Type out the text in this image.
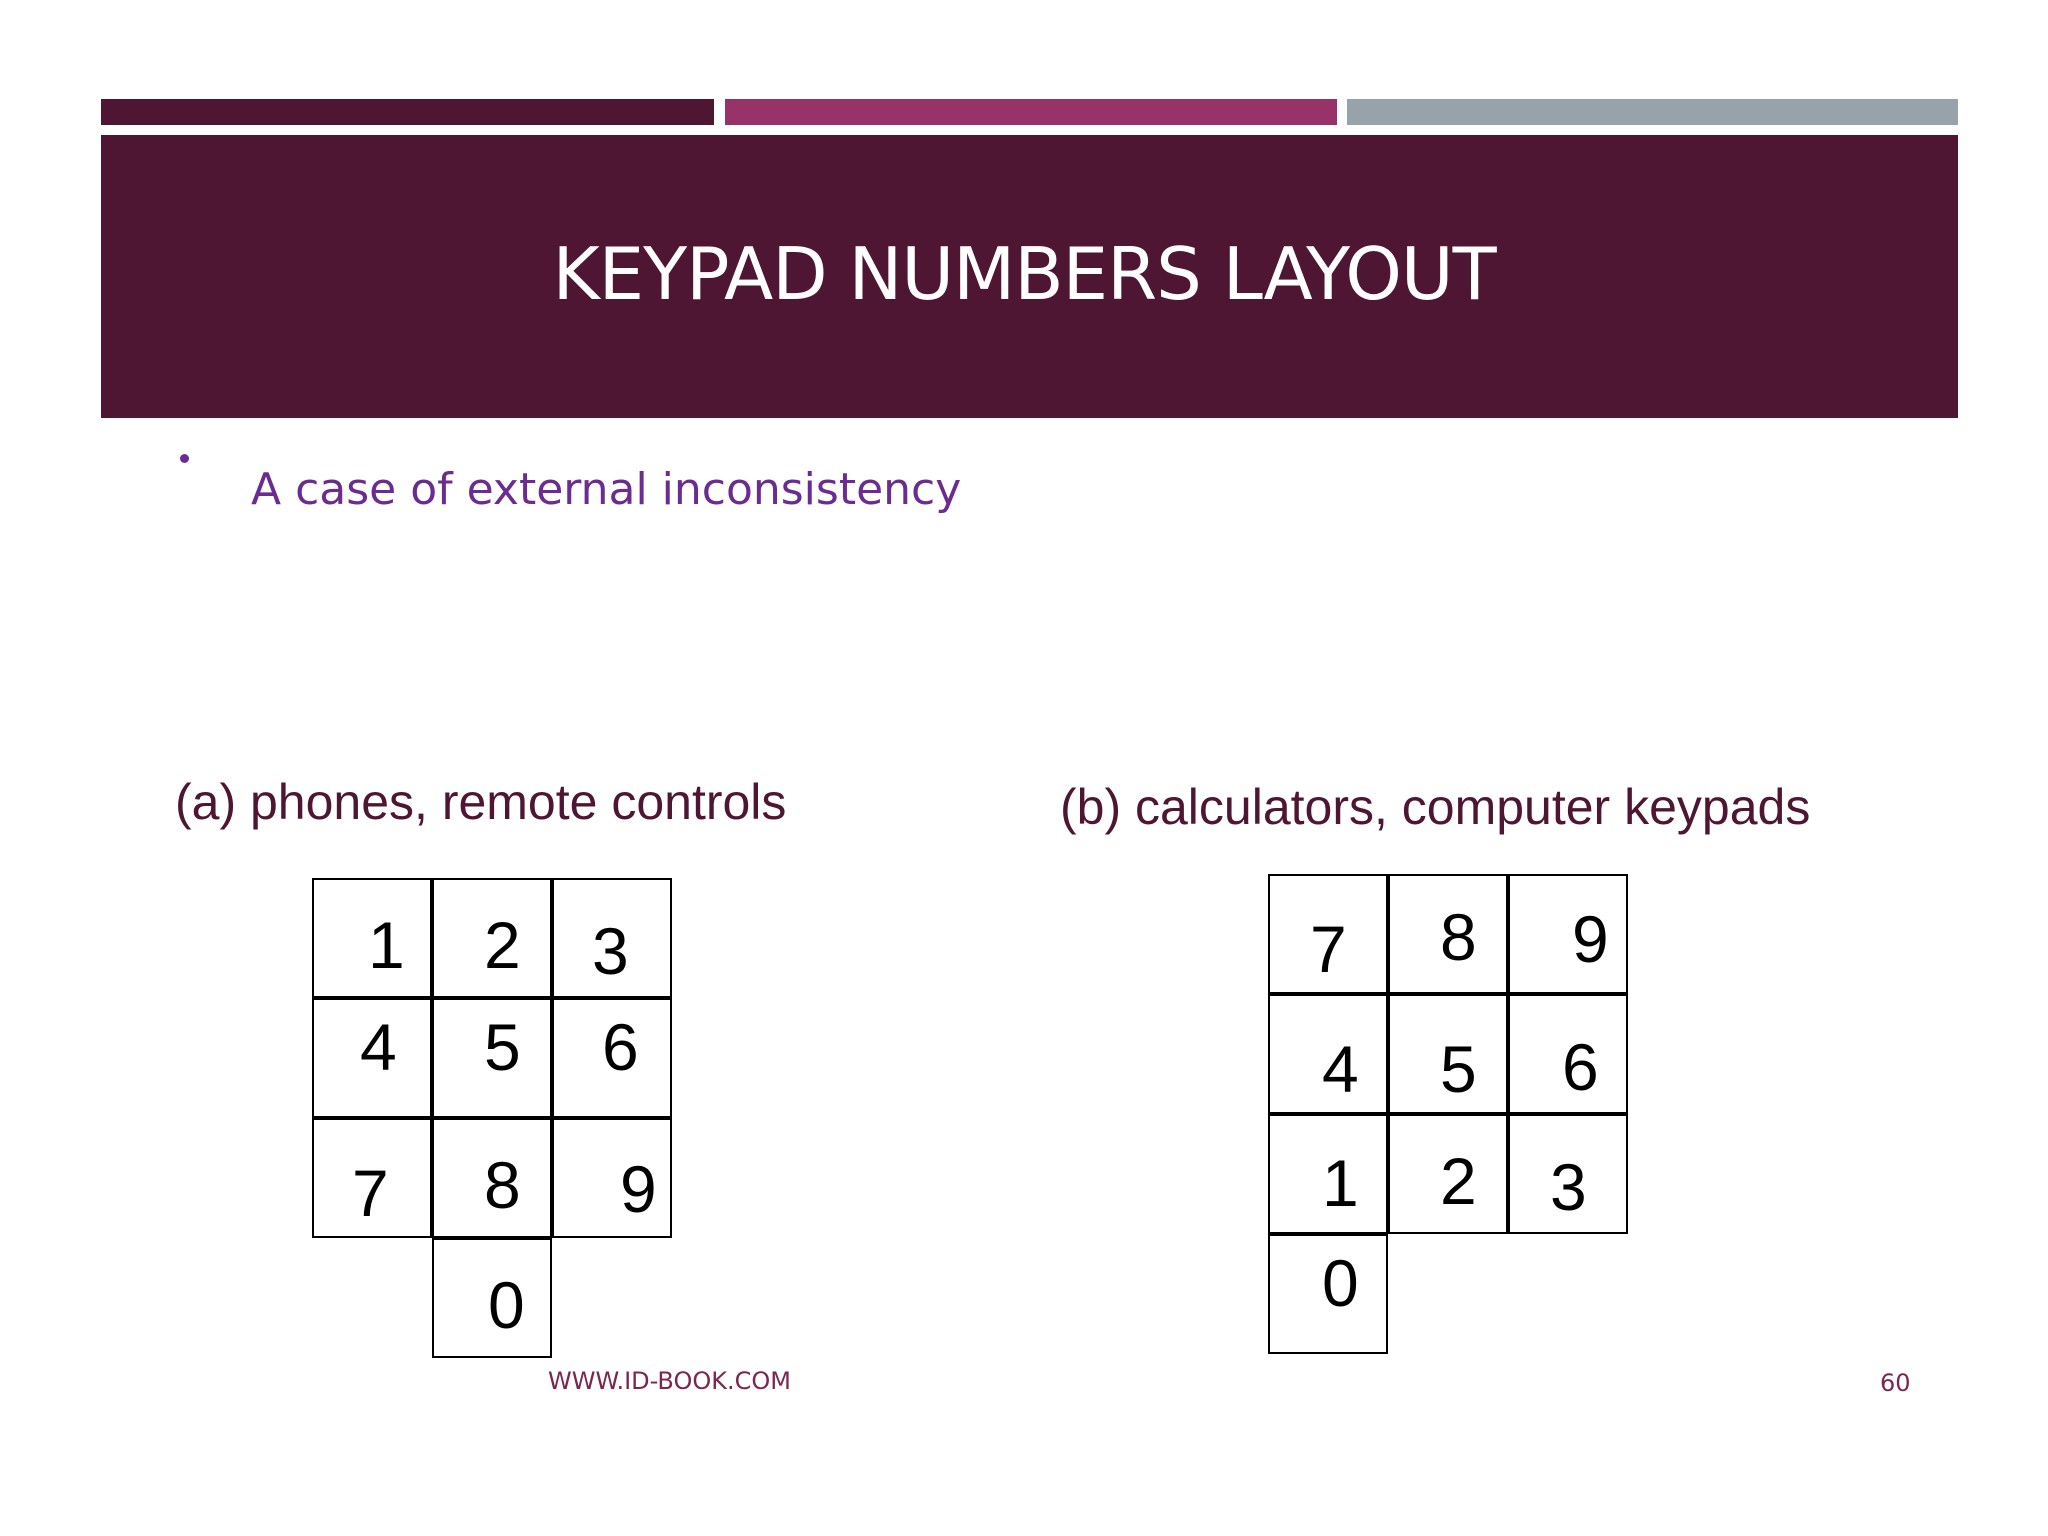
KEYPAD NUMBERS LAYOUT
A case of external inconsistency
(a) phones, remote controls	(b) calculators, computer keypads
1 2 3
4 5 6
7 8 9
0
7 8 9
4 5 6
1 2 3
0
WWW.ID-BOOK.COM	60
